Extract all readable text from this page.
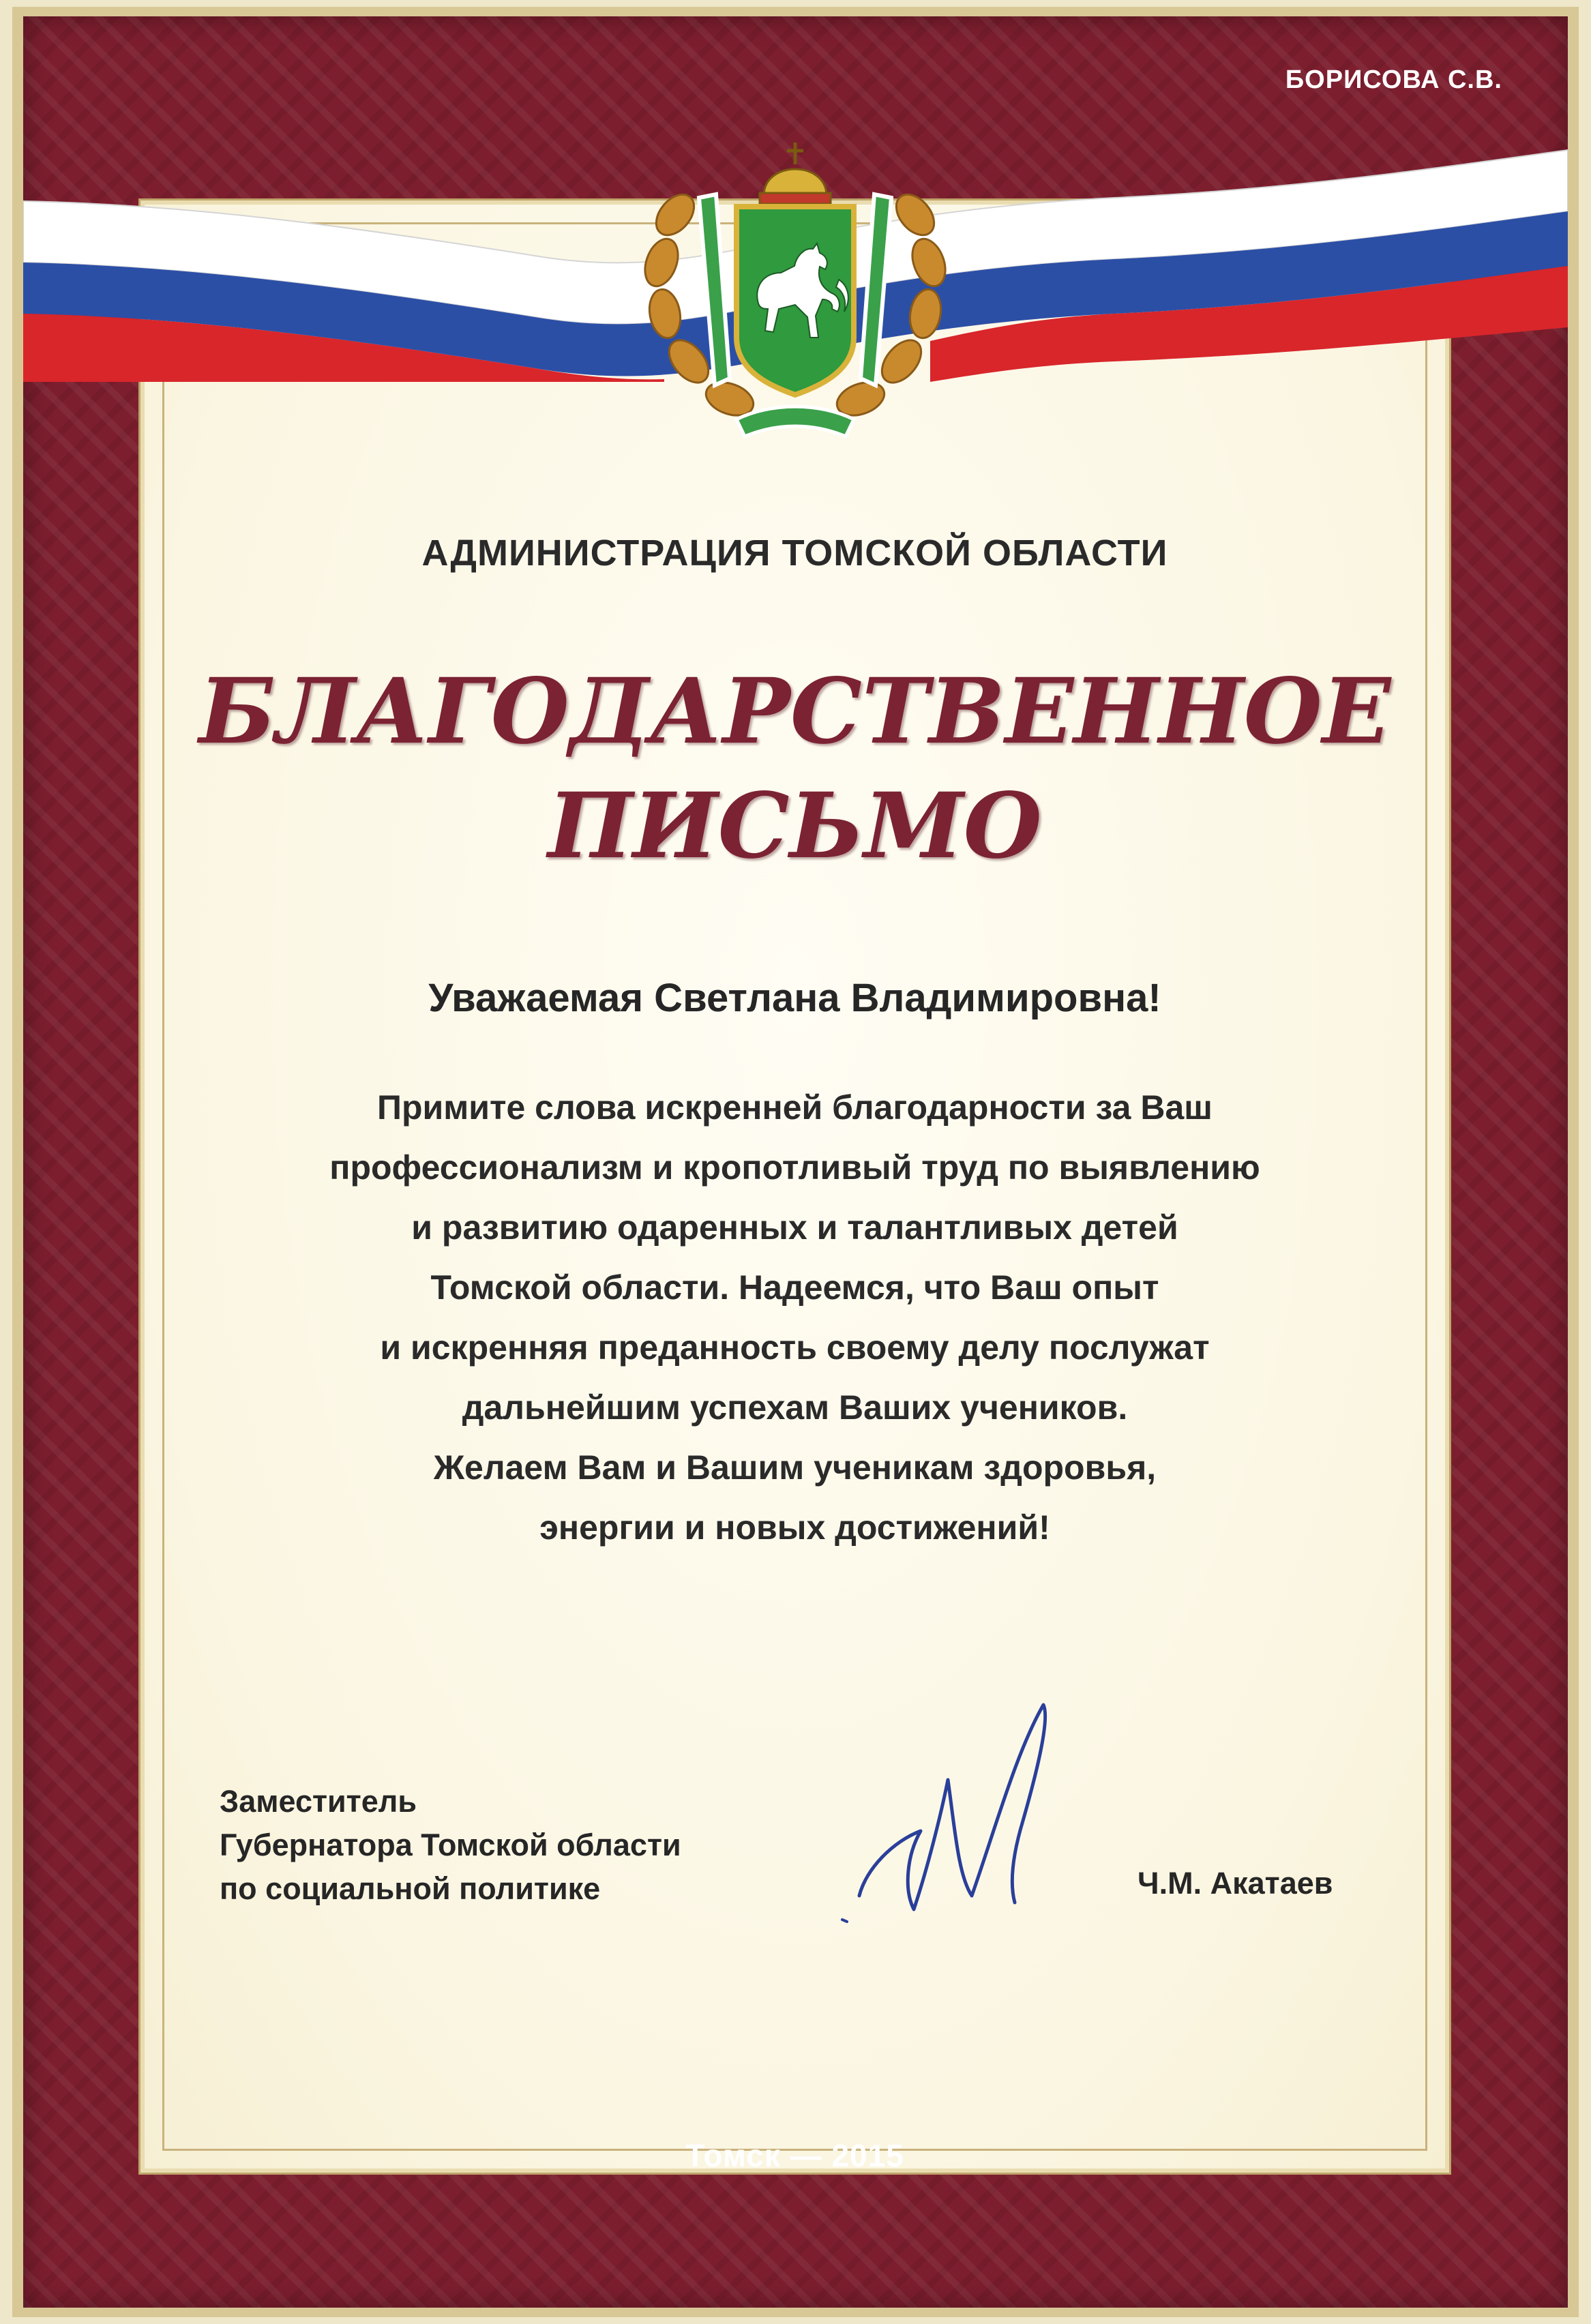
БОРИСОВА С.В.
АДМИНИСТРАЦИЯ ТОМСКОЙ ОБЛАСТИ
БЛАГОДАРСТВЕННОЕ
ПИСЬМО
Уважаемая Светлана Владимировна!
Примите слова искренней благодарности за Ваш
профессионализм и кропотливый труд по выявлению
и развитию одаренных и талантливых детей
Томской области. Надеемся, что Ваш опыт
и искренняя преданность своему делу послужат
дальнейшим успехам Ваших учеников.
Желаем Вам и Вашим ученикам здоровья,
энергии и новых достижений!
Заместитель
Губернатора Томской области
по социальной политике	Ч.М. Акатаев
Томск — 2015
